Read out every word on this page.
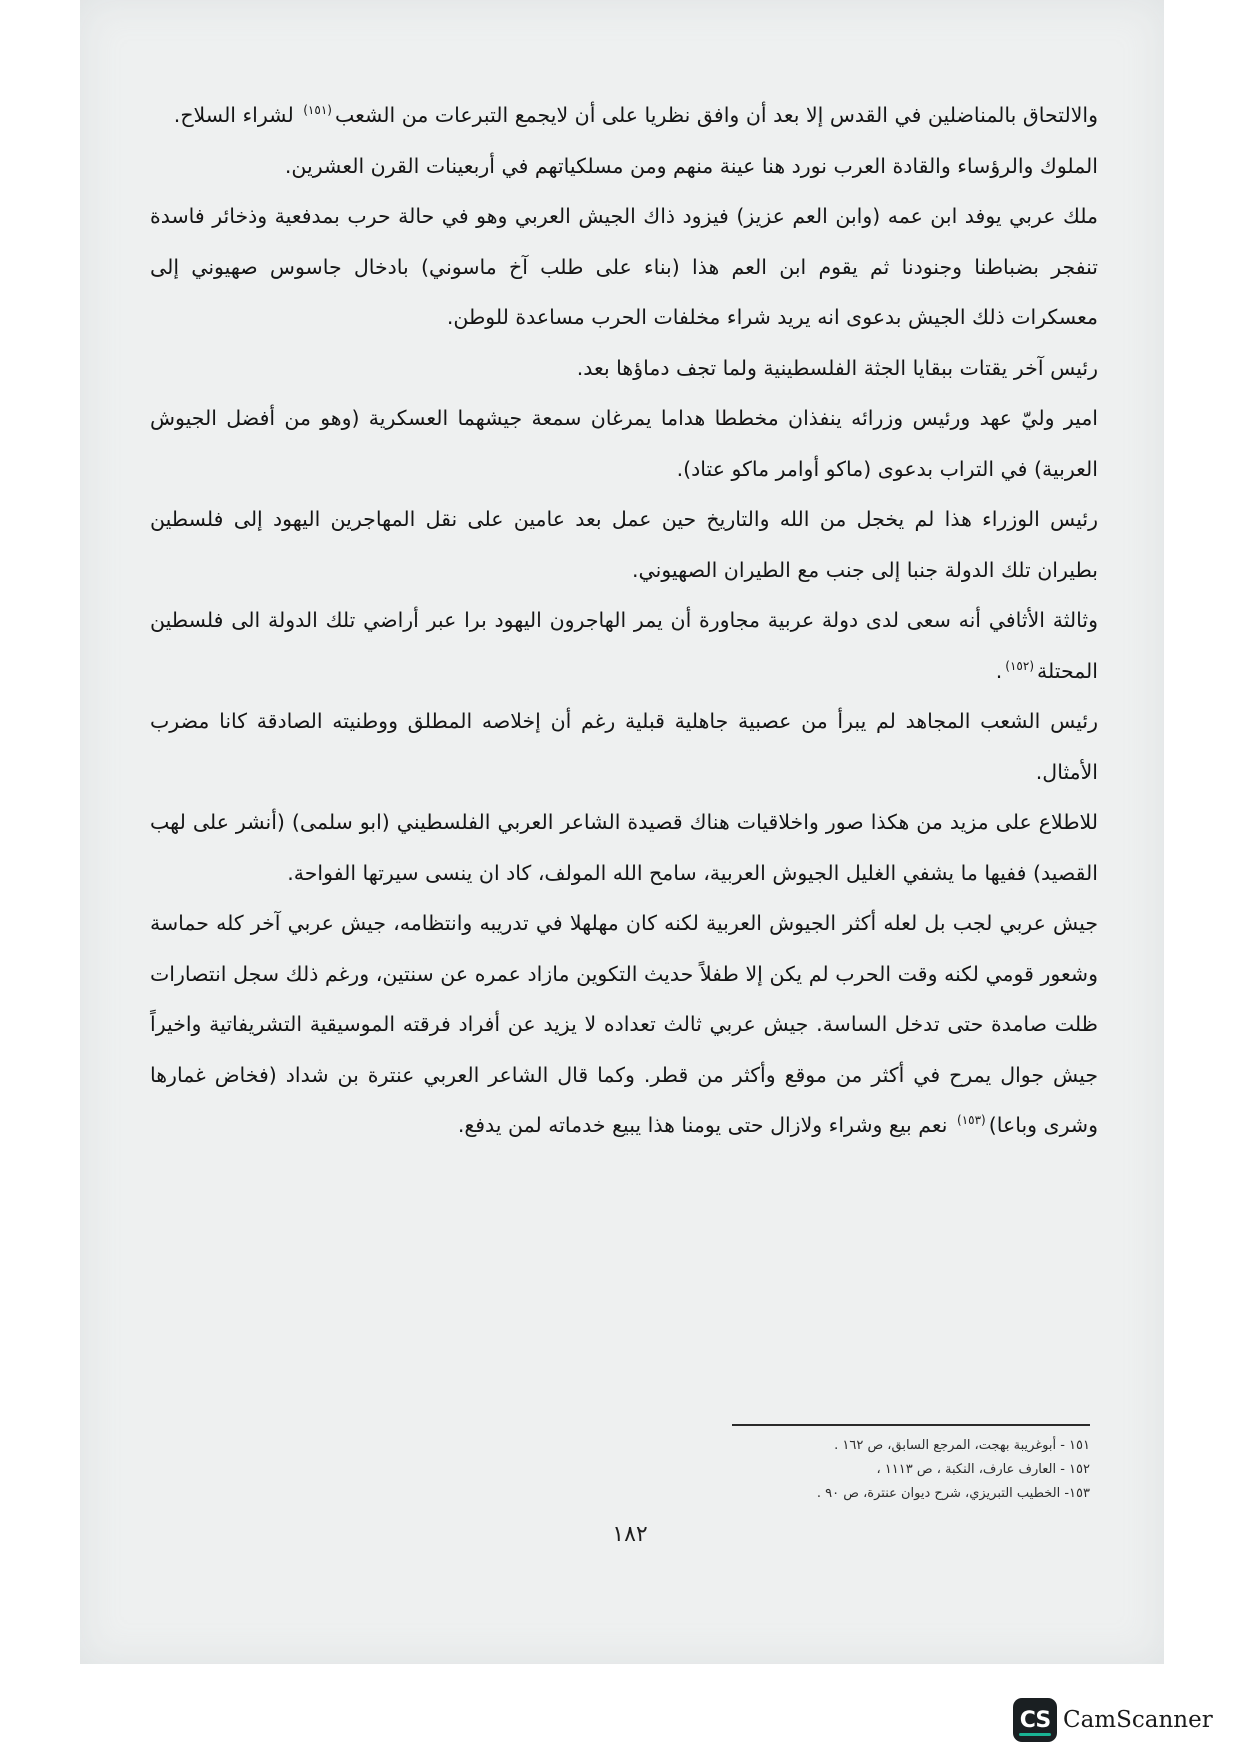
والالتحاق بالمناضلين في القدس إلا بعد أن وافق نظريا على أن لايجمع التبرعات من الشعب$^{(١٥١)}$ لشراء السلاح.

الملوك والرؤساء والقادة العرب نورد هنا عينة منهم ومن مسلكياتهم في أربعينات القرن العشرين.

ملك عربي يوفد ابن عمه (وابن العم عزيز) فيزود ذاك الجيش العربي وهو في حالة حرب بمدفعية وذخائر فاسدة تنفجر بضباطنا وجنودنا ثم يقوم ابن العم هذا (بناء على طلب آخ ماسوني) بادخال جاسوس صهيوني إلى معسكرات ذلك الجيش بدعوى انه يريد شراء مخلفات الحرب مساعدة للوطن.

رئيس آخر يقتات ببقايا الجثة الفلسطينية ولما تجف دماؤها بعد.

امير وليّ عهد ورئيس وزرائه ينفذان مخططا هداما يمرغان سمعة جيشهما العسكرية (وهو من أفضل الجيوش العربية) في التراب بدعوى (ماكو أوامر ماكو عتاد).

رئيس الوزراء هذا لم يخجل من الله والتاريخ حين عمل بعد عامين على نقل المهاجرين اليهود إلى فلسطين بطيران تلك الدولة جنبا إلى جنب مع الطيران الصهيوني.

وثالثة الأثافي أنه سعى لدى دولة عربية مجاورة أن يمر الهاجرون اليهود برا عبر أراضي تلك الدولة الى فلسطين المحتلة$^{(١٥٢)}$.

رئيس الشعب المجاهد لم يبرأ من عصبية جاهلية قبلية رغم أن إخلاصه المطلق ووطنيته الصادقة كانا مضرب الأمثال.

للاطلاع على مزيد من هكذا صور واخلاقيات هناك قصيدة الشاعر العربي الفلسطيني (ابو سلمى) (أنشر على لهب القصيد) ففيها ما يشفي الغليل الجيوش العربية، سامح الله المولف، كاد ان ينسى سيرتها الفواحة.

جيش عربي لجب بل لعله أكثر الجيوش العربية لكنه كان مهلهلا في تدريبه وانتظامه، جيش عربي آخر كله حماسة وشعور قومي لكنه وقت الحرب لم يكن إلا طفلاً حديث التكوين مازاد عمره عن سنتين، ورغم ذلك سجل انتصارات ظلت صامدة حتى تدخل الساسة. جيش عربي ثالث تعداده لا يزيد عن أفراد فرقته الموسيقية التشريفاتية واخيراً جيش جوال يمرح في أكثر من موقع وأكثر من قطر. وكما قال الشاعر العربي عنترة بن شداد (فخاض غمارها وشرى وباعا)$^{(١٥٣)}$ نعم بيع وشراء ولازال حتى يومنا هذا يبيع خدماته لمن يدفع.

١٥١ - أبوغريبة بهجت، المرجع السابق، ص ١٦٢ .
١٥٢ - العارف عارف، النكبة ، ص ١١١٣ ،
١٥٣- الخطيب التبريزي، شرح ديوان عنترة، ص ٩٠ .
١٨٢
CS CamScanner
